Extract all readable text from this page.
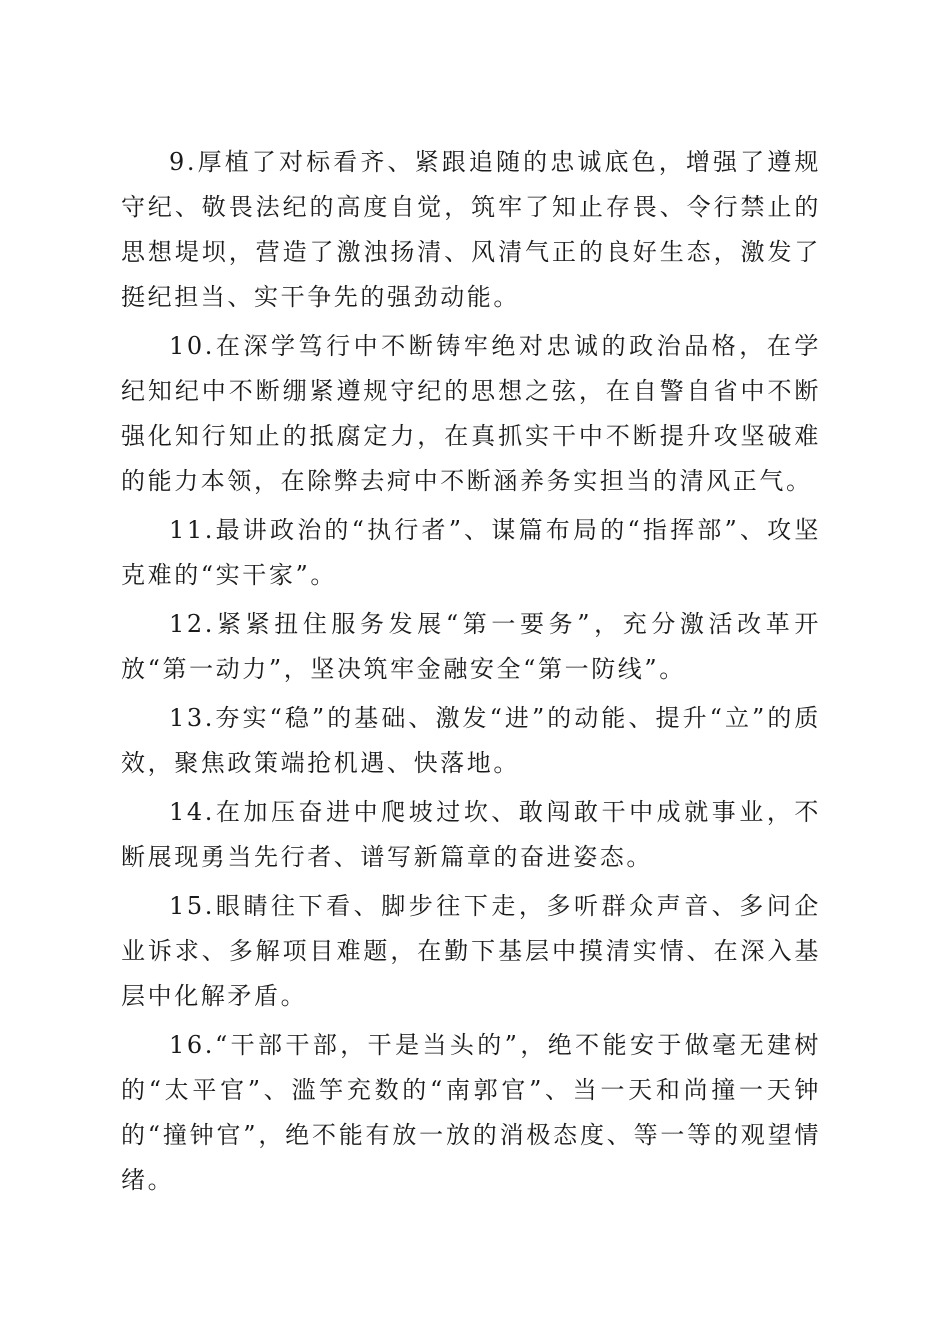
9.厚植了对标看齐、紧跟追随的忠诚底色，增强了遵规守纪、敬畏法纪的高度自觉，筑牢了知止存畏、令行禁止的思想堤坝，营造了激浊扬清、风清气正的良好生态，激发了挺纪担当、实干争先的强劲动能。

10.在深学笃行中不断铸牢绝对忠诚的政治品格，在学纪知纪中不断绷紧遵规守纪的思想之弦，在自警自省中不断强化知行知止的抵腐定力，在真抓实干中不断提升攻坚破难的能力本领，在除弊去疴中不断涵养务实担当的清风正气。

11.最讲政治的“执行者”、谋篇布局的“指挥部”、攻坚克难的“实干家”。

12.紧紧扭住服务发展“第一要务”，充分激活改革开放“第一动力”，坚决筑牢金融安全“第一防线”。

13.夯实“稳”的基础、激发“进”的动能、提升“立”的质效，聚焦政策端抢机遇、快落地。

14.在加压奋进中爬坡过坎、敢闯敢干中成就事业，不断展现勇当先行者、谱写新篇章的奋进姿态。

15.眼睛往下看、脚步往下走，多听群众声音、多问企业诉求、多解项目难题，在勤下基层中摸清实情、在深入基层中化解矛盾。

16.“干部干部，干是当头的”，绝不能安于做毫无建树的“太平官”、滥竽充数的“南郭官”、当一天和尚撞一天钟的“撞钟官”，绝不能有放一放的消极态度、等一等的观望情绪。
